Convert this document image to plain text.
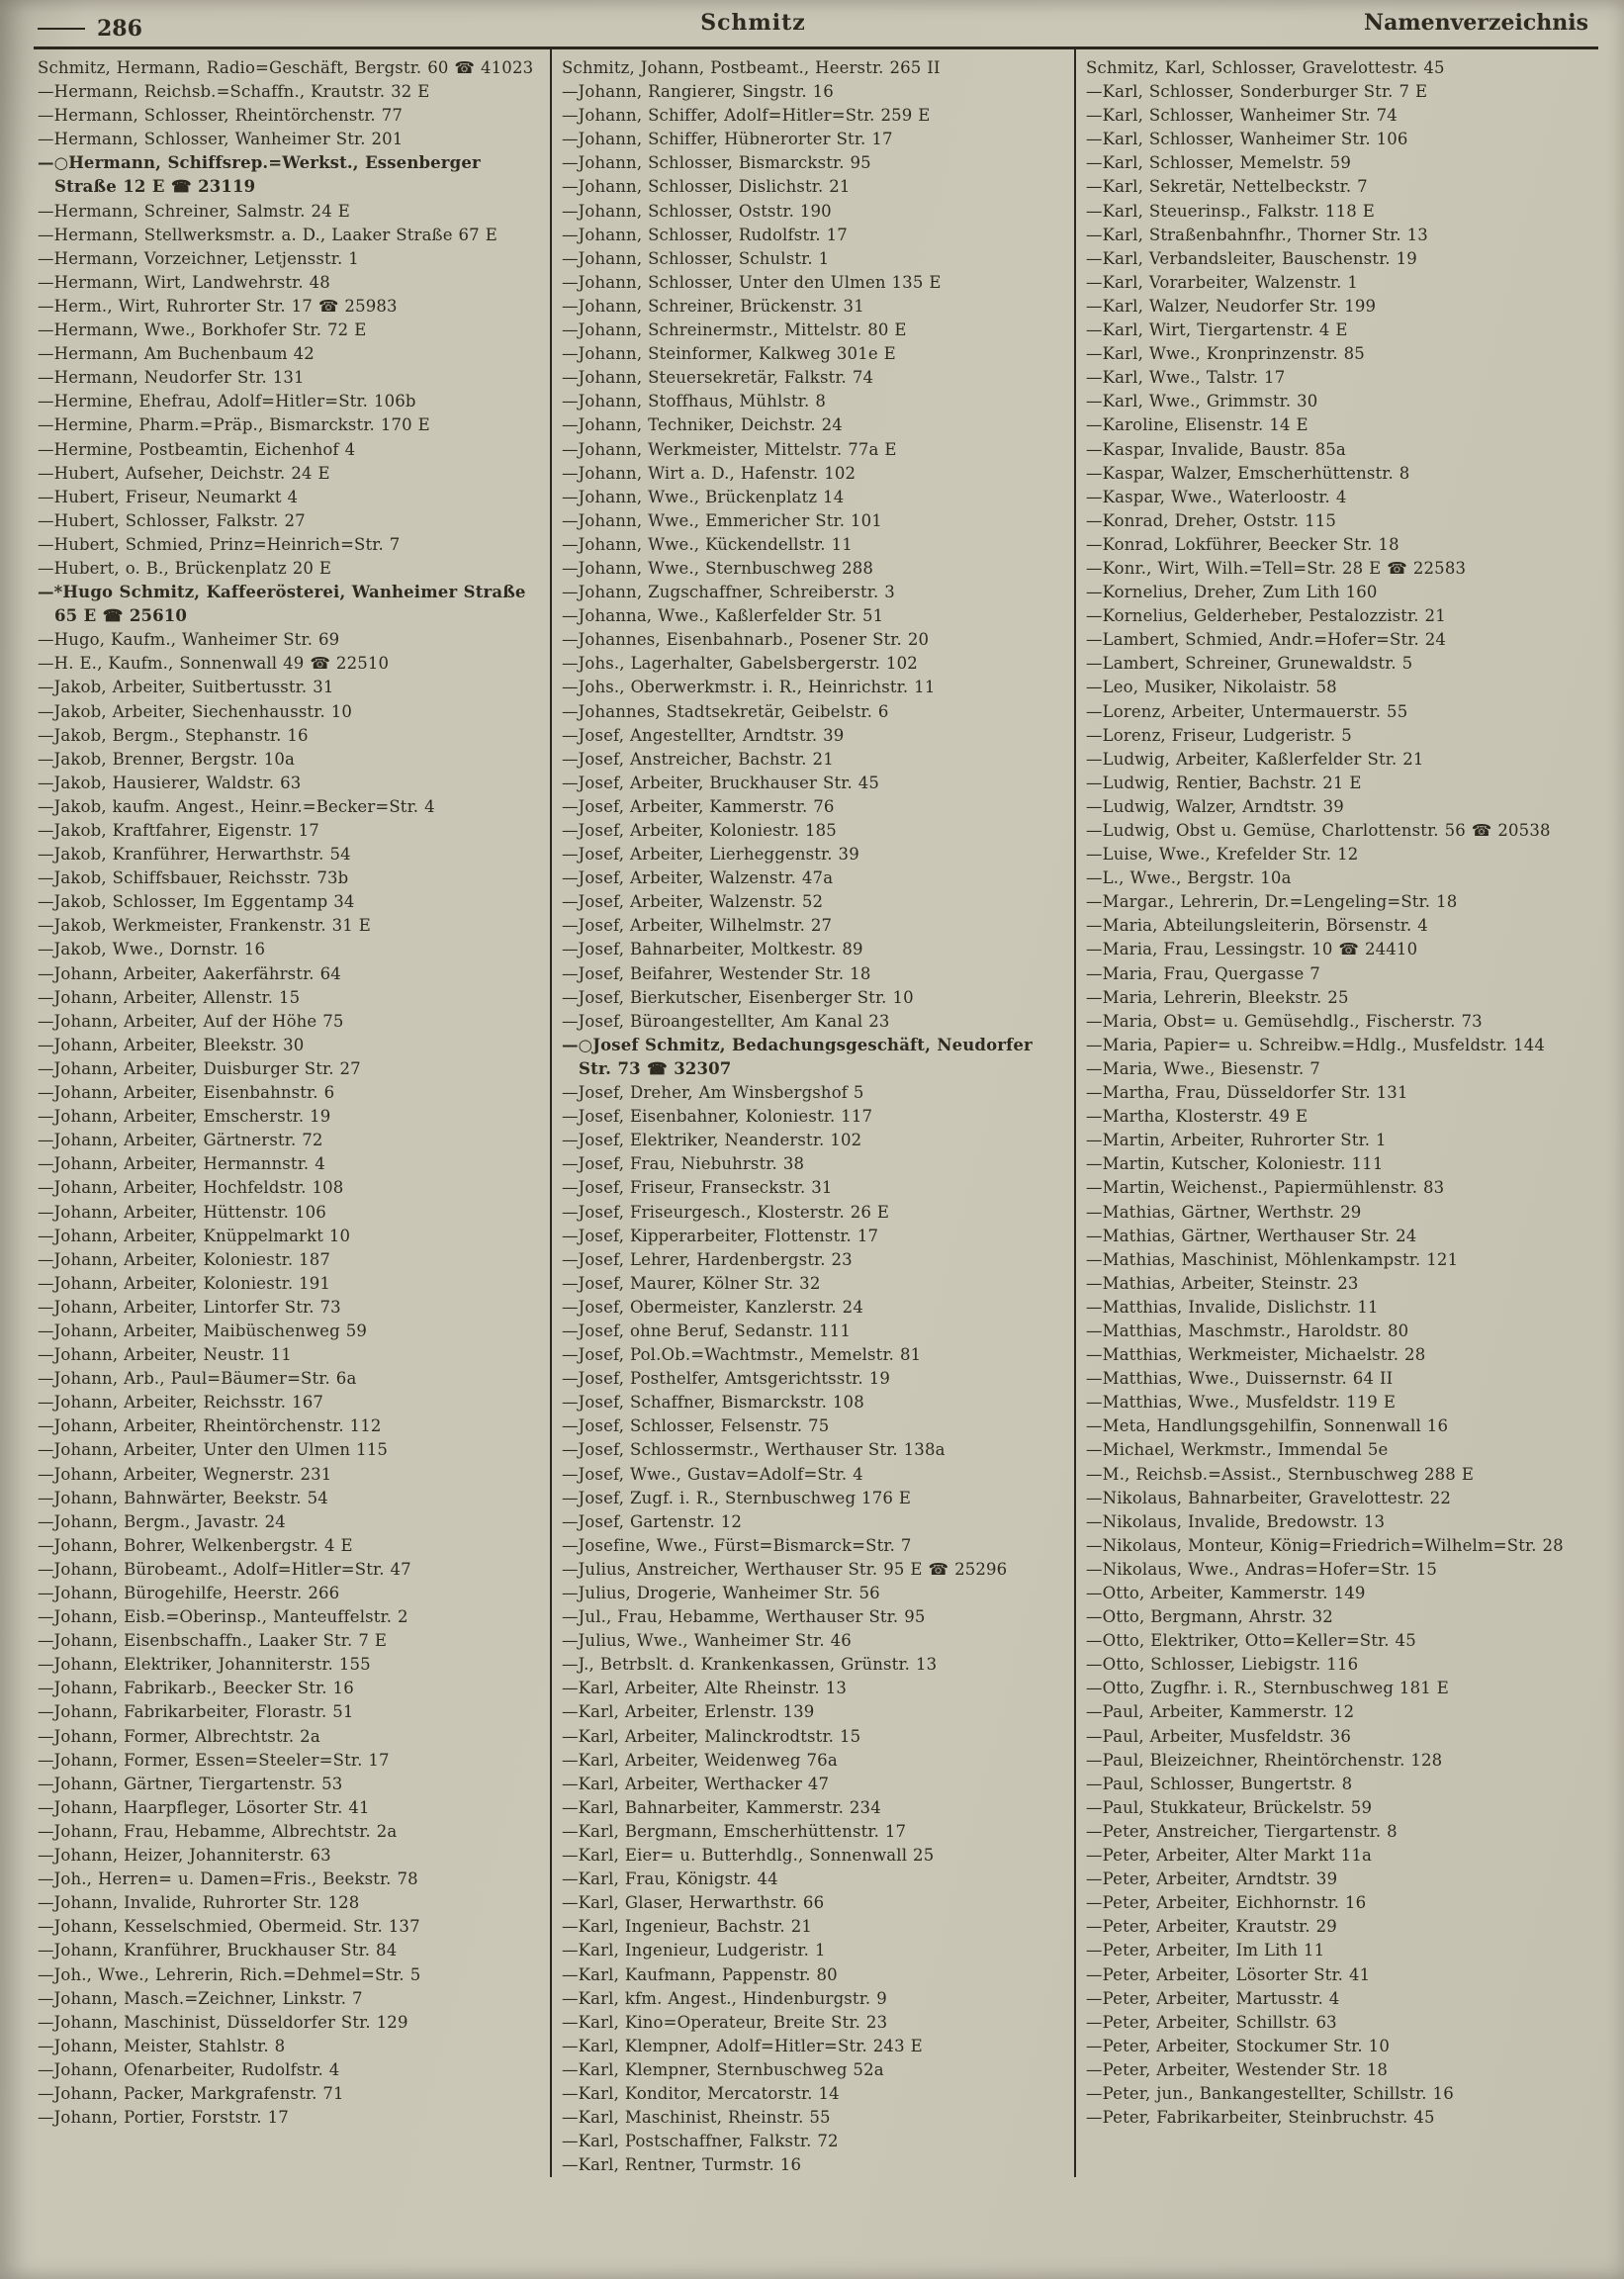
286	Schmitz	Namenverzeichnis
Schmitz, Hermann, Radio=Geschäft, Bergstr. 60 ☎ 41023
—Hermann, Reichsb.=Schaffn., Krautstr. 32 E
—Hermann, Schlosser, Rheintörchenstr. 77
—Hermann, Schlosser, Wanheimer Str. 201
—○Hermann, Schiffsrep.=Werkst., Essenberger Straße 12 E ☎ 23119
—Hermann, Schreiner, Salmstr. 24 E
—Hermann, Stellwerksmstr. a. D., Laaker Straße 67 E
—Hermann, Vorzeichner, Letjensstr. 1
—Hermann, Wirt, Landwehrstr. 48
—Herm., Wirt, Ruhrorter Str. 17 ☎ 25983
—Hermann, Wwe., Borkhofer Str. 72 E
—Hermann, Am Buchenbaum 42
—Hermann, Neudorfer Str. 131
—Hermine, Ehefrau, Adolf=Hitler=Str. 106b
—Hermine, Pharm.=Präp., Bismarckstr. 170 E
—Hermine, Postbeamtin, Eichenhof 4
—Hubert, Aufseher, Deichstr. 24 E
—Hubert, Friseur, Neumarkt 4
—Hubert, Schlosser, Falkstr. 27
—Hubert, Schmied, Prinz=Heinrich=Str. 7
—Hubert, o. B., Brückenplatz 20 E
—*Hugo Schmitz, Kaffeerösterei, Wanheimer Straße 65 E ☎ 25610
—Hugo, Kaufm., Wanheimer Str. 69
—H. E., Kaufm., Sonnenwall 49 ☎ 22510
—Jakob, Arbeiter, Suitbertusstr. 31
—Jakob, Arbeiter, Siechenhausstr. 10
—Jakob, Bergm., Stephanstr. 16
—Jakob, Brenner, Bergstr. 10a
—Jakob, Hausierer, Waldstr. 63
—Jakob, kaufm. Angest., Heinr.=Becker=Str. 4
—Jakob, Kraftfahrer, Eigenstr. 17
—Jakob, Kranführer, Herwarthstr. 54
—Jakob, Schiffsbauer, Reichsstr. 73b
—Jakob, Schlosser, Im Eggentamp 34
—Jakob, Werkmeister, Frankenstr. 31 E
—Jakob, Wwe., Dornstr. 16
—Johann, Arbeiter, Aakerfährstr. 64
—Johann, Arbeiter, Allenstr. 15
—Johann, Arbeiter, Auf der Höhe 75
—Johann, Arbeiter, Bleekstr. 30
—Johann, Arbeiter, Duisburger Str. 27
—Johann, Arbeiter, Eisenbahnstr. 6
—Johann, Arbeiter, Emscherstr. 19
—Johann, Arbeiter, Gärtnerstr. 72
—Johann, Arbeiter, Hermannstr. 4
—Johann, Arbeiter, Hochfeldstr. 108
—Johann, Arbeiter, Hüttenstr. 106
—Johann, Arbeiter, Knüppelmarkt 10
—Johann, Arbeiter, Koloniestr. 187
—Johann, Arbeiter, Koloniestr. 191
—Johann, Arbeiter, Lintorfer Str. 73
—Johann, Arbeiter, Maibüschenweg 59
—Johann, Arbeiter, Neustr. 11
—Johann, Arb., Paul=Bäumer=Str. 6a
—Johann, Arbeiter, Reichsstr. 167
—Johann, Arbeiter, Rheintörchenstr. 112
—Johann, Arbeiter, Unter den Ulmen 115
—Johann, Arbeiter, Wegnerstr. 231
—Johann, Bahnwärter, Beekstr. 54
—Johann, Bergm., Javastr. 24
—Johann, Bohrer, Welkenbergstr. 4 E
—Johann, Bürobeamt., Adolf=Hitler=Str. 47
—Johann, Bürogehilfe, Heerstr. 266
—Johann, Eisb.=Oberinsp., Manteuffelstr. 2
—Johann, Eisenbschaffn., Laaker Str. 7 E
—Johann, Elektriker, Johanniterstr. 155
—Johann, Fabrikarb., Beecker Str. 16
—Johann, Fabrikarbeiter, Florastr. 51
—Johann, Former, Albrechtstr. 2a
—Johann, Former, Essen=Steeler=Str. 17
—Johann, Gärtner, Tiergartenstr. 53
—Johann, Haarpfleger, Lösorter Str. 41
—Johann, Frau, Hebamme, Albrechtstr. 2a
—Johann, Heizer, Johanniterstr. 63
—Joh., Herren= u. Damen=Fris., Beekstr. 78
—Johann, Invalide, Ruhrorter Str. 128
—Johann, Kesselschmied, Obermeid. Str. 137
—Johann, Kranführer, Bruckhauser Str. 84
—Joh., Wwe., Lehrerin, Rich.=Dehmel=Str. 5
—Johann, Masch.=Zeichner, Linkstr. 7
—Johann, Maschinist, Düsseldorfer Str. 129
—Johann, Meister, Stahlstr. 8
—Johann, Ofenarbeiter, Rudolfstr. 4
—Johann, Packer, Markgrafenstr. 71
—Johann, Portier, Forststr. 17
Schmitz, Johann, Postbeamt., Heerstr. 265 II
—Johann, Rangierer, Singstr. 16
—Johann, Schiffer, Adolf=Hitler=Str. 259 E
—Johann, Schiffer, Hübnerorter Str. 17
—Johann, Schlosser, Bismarckstr. 95
—Johann, Schlosser, Dislichstr. 21
—Johann, Schlosser, Oststr. 190
—Johann, Schlosser, Rudolfstr. 17
—Johann, Schlosser, Schulstr. 1
—Johann, Schlosser, Unter den Ulmen 135 E
—Johann, Schreiner, Brückenstr. 31
—Johann, Schreinermstr., Mittelstr. 80 E
—Johann, Steinformer, Kalkweg 301e E
—Johann, Steuersekretär, Falkstr. 74
—Johann, Stoffhaus, Mühlstr. 8
—Johann, Techniker, Deichstr. 24
—Johann, Werkmeister, Mittelstr. 77a E
—Johann, Wirt a. D., Hafenstr. 102
—Johann, Wwe., Brückenplatz 14
—Johann, Wwe., Emmericher Str. 101
—Johann, Wwe., Kückendellstr. 11
—Johann, Wwe., Sternbuschweg 288
—Johann, Zugschaffner, Schreiberstr. 3
—Johanna, Wwe., Kaßlerfelder Str. 51
—Johannes, Eisenbahnarb., Posener Str. 20
—Johs., Lagerhalter, Gabelsbergerstr. 102
—Johs., Oberwerkmstr. i. R., Heinrichstr. 11
—Johannes, Stadtsekretär, Geibelstr. 6
—Josef, Angestellter, Arndtstr. 39
—Josef, Anstreicher, Bachstr. 21
—Josef, Arbeiter, Bruckhauser Str. 45
—Josef, Arbeiter, Kammerstr. 76
—Josef, Arbeiter, Koloniestr. 185
—Josef, Arbeiter, Lierheggenstr. 39
—Josef, Arbeiter, Walzenstr. 47a
—Josef, Arbeiter, Walzenstr. 52
—Josef, Arbeiter, Wilhelmstr. 27
—Josef, Bahnarbeiter, Moltkestr. 89
—Josef, Beifahrer, Westender Str. 18
—Josef, Bierkutscher, Eisenberger Str. 10
—Josef, Büroangestellter, Am Kanal 23
—○Josef Schmitz, Bedachungsgeschäft, Neudorfer Str. 73 ☎ 32307
—Josef, Dreher, Am Winsbergshof 5
—Josef, Eisenbahner, Koloniestr. 117
—Josef, Elektriker, Neanderstr. 102
—Josef, Frau, Niebuhrstr. 38
—Josef, Friseur, Franseckstr. 31
—Josef, Friseurgesch., Klosterstr. 26 E
—Josef, Kipperarbeiter, Flottenstr. 17
—Josef, Lehrer, Hardenbergstr. 23
—Josef, Maurer, Kölner Str. 32
—Josef, Obermeister, Kanzlerstr. 24
—Josef, ohne Beruf, Sedanstr. 111
—Josef, Pol.Ob.=Wachtmstr., Memelstr. 81
—Josef, Posthelfer, Amtsgerichtsstr. 19
—Josef, Schaffner, Bismarckstr. 108
—Josef, Schlosser, Felsenstr. 75
—Josef, Schlossermstr., Werthauser Str. 138a
—Josef, Wwe., Gustav=Adolf=Str. 4
—Josef, Zugf. i. R., Sternbuschweg 176 E
—Josef, Gartenstr. 12
—Josefine, Wwe., Fürst=Bismarck=Str. 7
—Julius, Anstreicher, Werthauser Str. 95 E ☎ 25296
—Julius, Drogerie, Wanheimer Str. 56
—Jul., Frau, Hebamme, Werthauser Str. 95
—Julius, Wwe., Wanheimer Str. 46
—J., Betrbslt. d. Krankenkassen, Grünstr. 13
—Karl, Arbeiter, Alte Rheinstr. 13
—Karl, Arbeiter, Erlenstr. 139
—Karl, Arbeiter, Malinckrodtstr. 15
—Karl, Arbeiter, Weidenweg 76a
—Karl, Arbeiter, Werthacker 47
—Karl, Bahnarbeiter, Kammerstr. 234
—Karl, Bergmann, Emscherhüttenstr. 17
—Karl, Eier= u. Butterhdlg., Sonnenwall 25
—Karl, Frau, Königstr. 44
—Karl, Glaser, Herwarthstr. 66
—Karl, Ingenieur, Bachstr. 21
—Karl, Ingenieur, Ludgeristr. 1
—Karl, Kaufmann, Pappenstr. 80
—Karl, kfm. Angest., Hindenburgstr. 9
—Karl, Kino=Operateur, Breite Str. 23
—Karl, Klempner, Adolf=Hitler=Str. 243 E
—Karl, Klempner, Sternbuschweg 52a
—Karl, Konditor, Mercatorstr. 14
—Karl, Maschinist, Rheinstr. 55
—Karl, Postschaffner, Falkstr. 72
—Karl, Rentner, Turmstr. 16
Schmitz, Karl, Schlosser, Gravelottestr. 45
—Karl, Schlosser, Sonderburger Str. 7 E
—Karl, Schlosser, Wanheimer Str. 74
—Karl, Schlosser, Wanheimer Str. 106
—Karl, Schlosser, Memelstr. 59
—Karl, Sekretär, Nettelbeckstr. 7
—Karl, Steuerinsp., Falkstr. 118 E
—Karl, Straßenbahnfhr., Thorner Str. 13
—Karl, Verbandsleiter, Bauschenstr. 19
—Karl, Vorarbeiter, Walzenstr. 1
—Karl, Walzer, Neudorfer Str. 199
—Karl, Wirt, Tiergartenstr. 4 E
—Karl, Wwe., Kronprinzenstr. 85
—Karl, Wwe., Talstr. 17
—Karl, Wwe., Grimmstr. 30
—Karoline, Elisenstr. 14 E
—Kaspar, Invalide, Baustr. 85a
—Kaspar, Walzer, Emscherhüttenstr. 8
—Kaspar, Wwe., Waterloostr. 4
—Konrad, Dreher, Oststr. 115
—Konrad, Lokführer, Beecker Str. 18
—Konr., Wirt, Wilh.=Tell=Str. 28 E ☎ 22583
—Kornelius, Dreher, Zum Lith 160
—Kornelius, Gelderheber, Pestalozzistr. 21
—Lambert, Schmied, Andr.=Hofer=Str. 24
—Lambert, Schreiner, Grunewaldstr. 5
—Leo, Musiker, Nikolaistr. 58
—Lorenz, Arbeiter, Untermauerstr. 55
—Lorenz, Friseur, Ludgeristr. 5
—Ludwig, Arbeiter, Kaßlerfelder Str. 21
—Ludwig, Rentier, Bachstr. 21 E
—Ludwig, Walzer, Arndtstr. 39
—Ludwig, Obst u. Gemüse, Charlottenstr. 56 ☎ 20538
—Luise, Wwe., Krefelder Str. 12
—L., Wwe., Bergstr. 10a
—Margar., Lehrerin, Dr.=Lengeling=Str. 18
—Maria, Abteilungsleiterin, Börsenstr. 4
—Maria, Frau, Lessingstr. 10 ☎ 24410
—Maria, Frau, Quergasse 7
—Maria, Lehrerin, Bleekstr. 25
—Maria, Obst= u. Gemüsehdlg., Fischerstr. 73
—Maria, Papier= u. Schreibw.=Hdlg., Musfeldstr. 144
—Maria, Wwe., Biesenstr. 7
—Martha, Frau, Düsseldorfer Str. 131
—Martha, Klosterstr. 49 E
—Martin, Arbeiter, Ruhrorter Str. 1
—Martin, Kutscher, Koloniestr. 111
—Martin, Weichenst., Papiermühlenstr. 83
—Mathias, Gärtner, Werthstr. 29
—Mathias, Gärtner, Werthauser Str. 24
—Mathias, Maschinist, Möhlenkampstr. 121
—Mathias, Arbeiter, Steinstr. 23
—Matthias, Invalide, Dislichstr. 11
—Matthias, Maschmstr., Haroldstr. 80
—Matthias, Werkmeister, Michaelstr. 28
—Matthias, Wwe., Duissernstr. 64 II
—Matthias, Wwe., Musfeldstr. 119 E
—Meta, Handlungsgehilfin, Sonnenwall 16
—Michael, Werkmstr., Immendal 5e
—M., Reichsb.=Assist., Sternbuschweg 288 E
—Nikolaus, Bahnarbeiter, Gravelottestr. 22
—Nikolaus, Invalide, Bredowstr. 13
—Nikolaus, Monteur, König=Friedrich=Wilhelm=Str. 28
—Nikolaus, Wwe., Andras=Hofer=Str. 15
—Otto, Arbeiter, Kammerstr. 149
—Otto, Bergmann, Ahrstr. 32
—Otto, Elektriker, Otto=Keller=Str. 45
—Otto, Schlosser, Liebigstr. 116
—Otto, Zugfhr. i. R., Sternbuschweg 181 E
—Paul, Arbeiter, Kammerstr. 12
—Paul, Arbeiter, Musfeldstr. 36
—Paul, Bleizeichner, Rheintörchenstr. 128
—Paul, Schlosser, Bungertstr. 8
—Paul, Stukkateur, Brückelstr. 59
—Peter, Anstreicher, Tiergartenstr. 8
—Peter, Arbeiter, Alter Markt 11a
—Peter, Arbeiter, Arndtstr. 39
—Peter, Arbeiter, Eichhornstr. 16
—Peter, Arbeiter, Krautstr. 29
—Peter, Arbeiter, Im Lith 11
—Peter, Arbeiter, Lösorter Str. 41
—Peter, Arbeiter, Martusstr. 4
—Peter, Arbeiter, Schillstr. 63
—Peter, Arbeiter, Stockumer Str. 10
—Peter, Arbeiter, Westender Str. 18
—Peter, jun., Bankangestellter, Schillstr. 16
—Peter, Fabrikarbeiter, Steinbruchstr. 45
